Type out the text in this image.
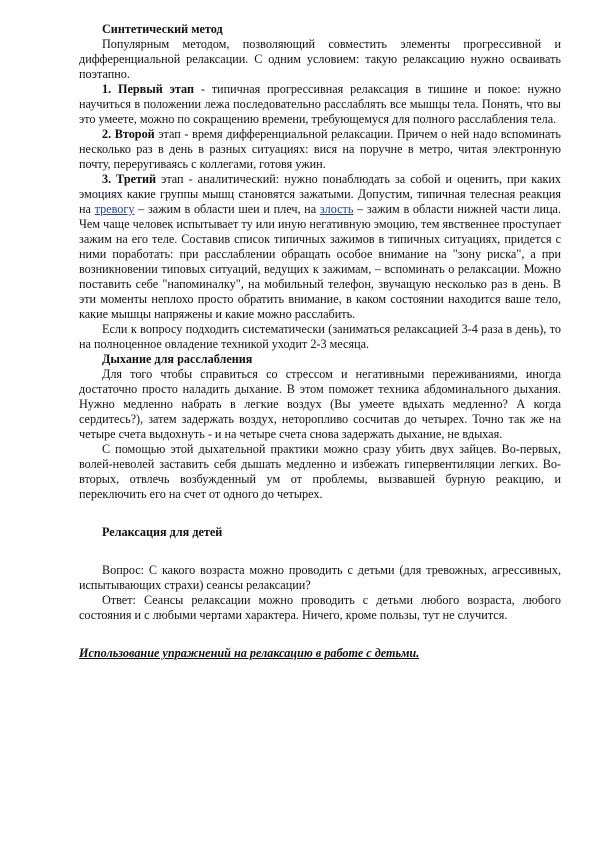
Синтетический метод

Популярным методом, позволяющий совместить элементы прогрессивной и дифференциальной релаксации. С одним условием: такую релаксацию нужно осваивать поэтапно.

1. Первый этап - типичная прогрессивная релаксация в тишине и покое: нужно научиться в положении лежа последовательно расслаблять все мышцы тела. Понять, что вы это умеете, можно по сокращению времени, требующемуся для полного расслабления тела.

2. Второй этап - время дифференциальной релаксации. Причем о ней надо вспоминать несколько раз в день в разных ситуациях: вися на поручне в метро, читая электронную почту, переругиваясь с коллегами, готовя ужин.

3. Третий этап - аналитический: нужно понаблюдать за собой и оценить, при каких эмоциях какие группы мышц становятся зажатыми. Допустим, типичная телесная реакция на тревогу – зажим в области шеи и плеч, на злость – зажим в области нижней части лица. Чем чаще человек испытывает ту или иную негативную эмоцию, тем явственнее проступает зажим на его теле. Составив список типичных зажимов в типичных ситуациях, придется с ними поработать: при расслаблении обращать особое внимание на "зону риска", а при возникновении типовых ситуаций, ведущих к зажимам, – вспоминать о релаксации. Можно поставить себе "напоминалку", на мобильный телефон, звучащую несколько раз в день. В эти моменты неплохо просто обратить внимание, в каком состоянии находится ваше тело, какие мышцы напряжены и какие можно расслабить.

Если к вопросу подходить систематически (заниматься релаксацией 3-4 раза в день), то на полноценное овладение техникой уходит 2-3 месяца.

Дыхание для расслабления

Для того чтобы справиться со стрессом и негативными переживаниями, иногда достаточно просто наладить дыхание. В этом поможет техника абдоминального дыхания. Нужно медленно набрать в легкие воздух (Вы умеете вдыхать медленно? А когда сердитесь?), затем задержать воздух, неторопливо сосчитав до четырех. Точно так же на четыре счета выдохнуть - и на четыре счета снова задержать дыхание, не вдыхая.

С помощью этой дыхательной практики можно сразу убить двух зайцев. Во-первых, волей-неволей заставить себя дышать медленно и избежать гипервентиляции легких. Во-вторых, отвлечь возбужденный ум от проблемы, вызвавшей бурную реакцию, и переключить его на счет от одного до четырех.

Релаксация для детей

Вопрос: С какого возраста можно проводить с детьми (для тревожных, агрессивных, испытывающих страхи) сеансы релаксации?

Ответ: Сеансы релаксации можно проводить с детьми любого возраста, любого состояния и с любыми чертами характера. Ничего, кроме пользы, тут не случится.

Использование упражнений на релаксацию в работе с детьми.
